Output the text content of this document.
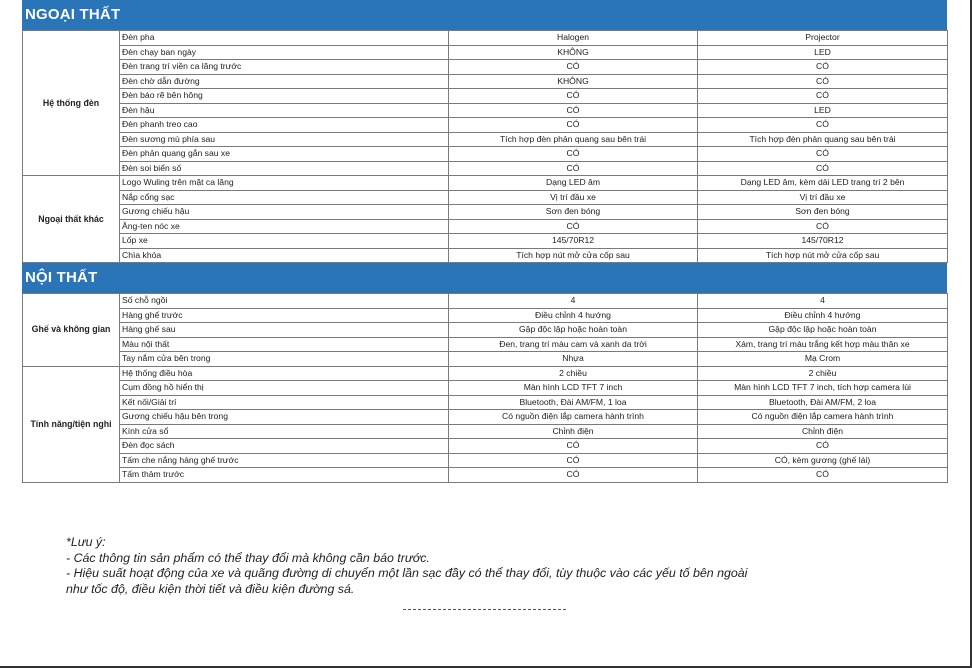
NGOẠI THẤT
Hệ thống đèn	Đèn pha	Halogen	Projector
	Đèn chạy ban ngày	KHÔNG	LED
	Đèn trang trí viền ca lăng trước	CÓ	CÓ
	Đèn chờ dẫn đường	KHÔNG	CÓ
	Đèn báo rẽ bên hông	CÓ	CÓ
	Đèn hậu	CÓ	LED
	Đèn phanh treo cao	CÓ	CÓ
	Đèn sương mù phía sau	Tích hợp đèn phản quang sau bên trái	Tích hợp đèn phản quang sau bên trái
	Đèn phản quang gắn sau xe	CÓ	CÓ
	Đèn soi biển số	CÓ	CÓ
Ngoại thất khác	Logo Wuling trên mặt ca lăng	Dạng LED âm	Dạng LED âm, kèm dải LED trang trí 2 bên
	Nắp cổng sạc	Vị trí đầu xe	Vị trí đầu xe
	Gương chiếu hậu	Sơn đen bóng	Sơn đen bóng
	Ăng-ten nóc xe	CÓ	CÓ
	Lốp xe	145/70R12	145/70R12
	Chìa khóa	Tích hợp nút mở cửa cốp sau	Tích hợp nút mở cửa cốp sau
NỘI THẤT
Ghế và không gian	Số chỗ ngồi	4	4
	Hàng ghế trước	Điều chỉnh 4 hướng	Điều chỉnh 4 hướng
	Hàng ghế sau	Gập độc lập hoặc hoàn toàn	Gập độc lập hoặc hoàn toàn
	Màu nội thất	Đen, trang trí màu cam và xanh da trời	Xám, trang trí màu trắng kết hợp màu thân xe
	Tay nắm cửa bên trong	Nhựa	Mạ Crom
Tính năng/tiện nghi	Hệ thống điều hòa	2 chiều	2 chiều
	Cụm đồng hồ hiển thị	Màn hình LCD TFT 7 inch	Màn hình LCD TFT 7 inch, tích hợp camera lùi
	Kết nối/Giải trí	Bluetooth, Đài AM/FM, 1 loa	Bluetooth, Đài AM/FM, 2 loa
	Gương chiếu hậu bên trong	Có nguồn điện lắp camera hành trình	Có nguồn điện lắp camera hành trình
	Kính cửa sổ	Chỉnh điện	Chỉnh điện
	Đèn đọc sách	CÓ	CÓ
	Tấm che nắng hàng ghế trước	CÓ	CÓ, kèm gương (ghế lái)
	Tấm thảm trước	CÓ	CÓ
*Lưu ý:
- Các thông tin sản phẩm có thể thay đổi mà không cần báo trước.
- Hiệu suất hoạt động của xe và quãng đường di chuyển một lần sạc đầy có thể thay đổi, tùy thuộc vào các yếu tố bên ngoài
như tốc độ, điều kiện thời tiết và điều kiện đường sá.
